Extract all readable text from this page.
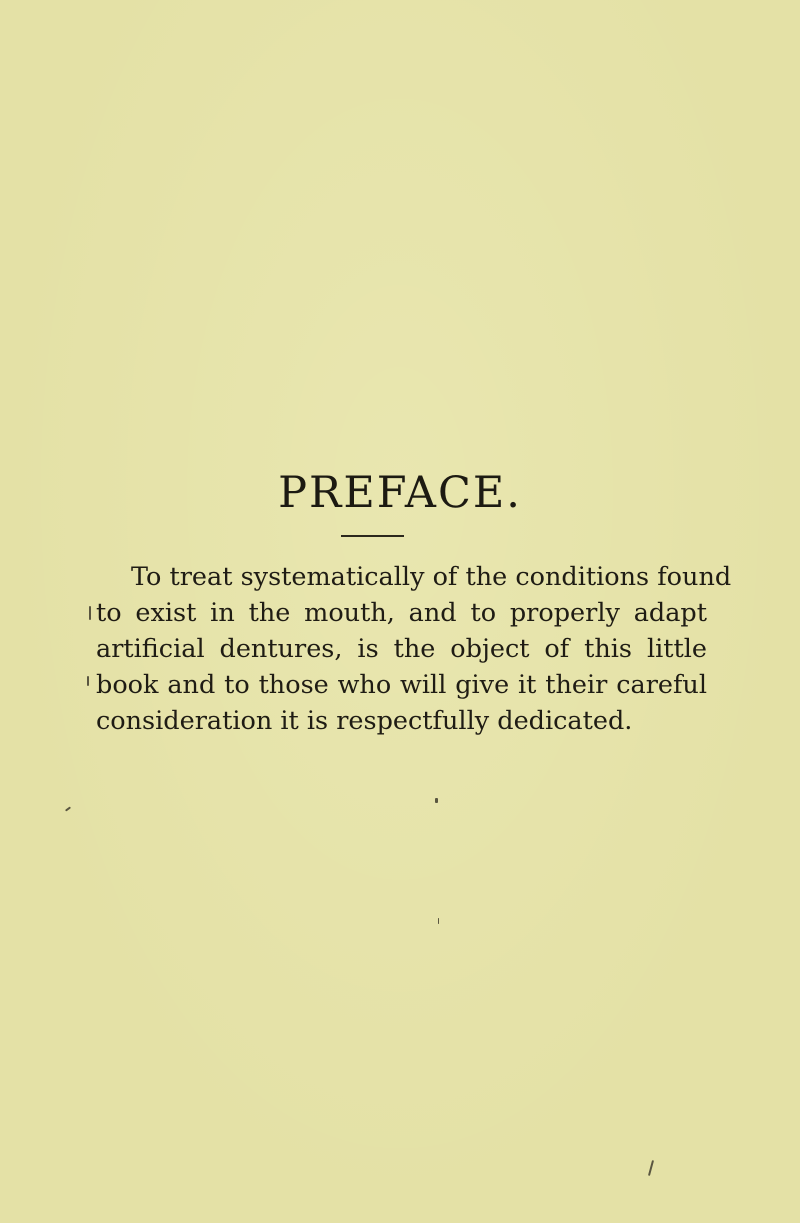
PREFACE.
To treat systematically of the conditions found
to exist in the mouth, and to properly adapt
artificial dentures, is the object of this little
book and to those who will give it their careful
consideration it is respectfully dedicated.
